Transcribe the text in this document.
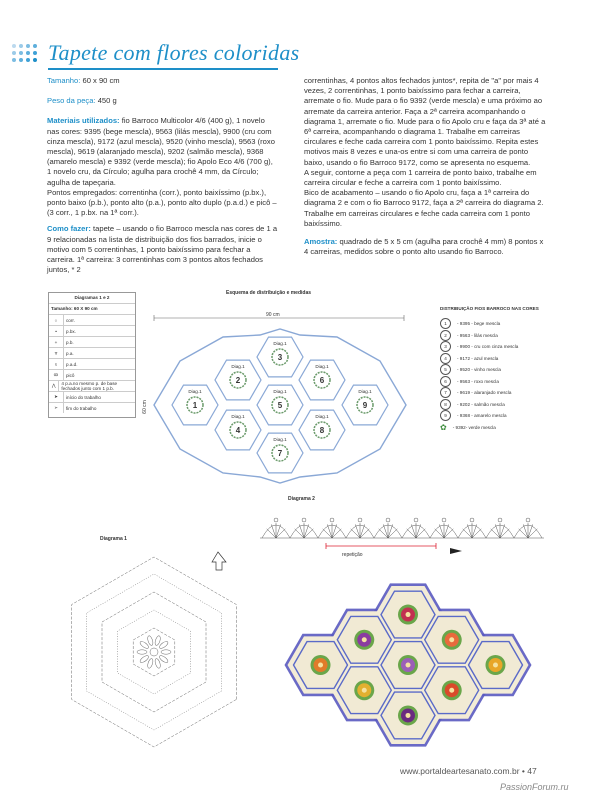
Tapete com flores coloridas

Tamanho: 60 x 90 cm

Peso da peça: 450 g

Materiais utilizados: fio Barroco Multicolor 4/6 (400 g), 1 novelo nas cores: 9395 (bege mescla), 9563 (lilás mescla), 9900 (cru com cinza mescla), 9172 (azul mescla), 9520 (vinho mescla), 9563 (roxo mescla), 9619 (alaranjado mescla), 9202 (salmão mescla), 9368 (amarelo mescla) e 9392 (verde mescla); fio Apolo Eco 4/6 (700 g), 1 novelo cru, da Círculo; agulha para crochê 4 mm, da Círculo; agulha de tapeçaria.

Pontos empregados: correntinha (corr.), ponto baixíssimo (p.bx.), ponto baixo (p.b.), ponto alto (p.a.), ponto alto duplo (p.a.d.) e picô – (3 corr., 1 p.bx. na 1ª corr.).

Como fazer: tapete – usando o fio Barroco mescla nas cores de 1 a 9 relacionadas na lista de distribuição dos fios barrados, inicie o motivo com 5 correntinhas, 1 ponto baixíssimo para fechar a carreira. 1ª carreira: 3 correntinhas com 3 pontos altos fechados juntos, * 2

correntinhas, 4 pontos altos fechados juntos*, repita de "a" por mais 4 vezes, 2 correntinhas, 1 ponto baixíssimo para fechar a carreira, arremate o fio. Mude para o fio 9392 (verde mescla) e uma próximo ao arremate da carreira anterior. Faça a 2ª carreira acompanhando o diagrama 1, arremate o fio. Mude para o fio Apolo cru e faça da 3ª até a 6ª carreira, acompanhando o diagrama 1. Trabalhe em carreiras circulares e feche cada carreira com 1 ponto baixíssimo. Repita estes motivos mais 8 vezes e una-os entre si com uma carreira de ponto baixo, usando o fio Barroco 9172, como se apresenta no esquema.

A seguir, contorne a peça com 1 carreira de ponto baixo, trabalhe em carreira circular e feche a carreira com 1 ponto baixíssimo.

Bico de acabamento – usando o fio Apolo cru, faça a 1ª carreira do diagrama 2 e com o fio Barroco 9172, faça a 2ª carreira do diagrama 2. Trabalhe em carreiras circulares e feche cada carreira com 1 ponto baixíssimo.

Amostra: quadrado de 5 x 5 cm (agulha para crochê 4 mm) 8 pontos x 4 carreiras, medidos sobre o ponto alto usando fio Barroco.

Diagramas 1 e 2
Tamanho: 60 X 90 cm
○	corr.
•	p.bx.
+	p.b.
Ŧ	p.a.
ŧ	p.a.d.
ꝏ	picô
⋀	4 p.a.no mesmo p. de base fechados junto com 1 p.b.
➤	início do trabalho
➢	fim do trabalho
Esquema de distribuição e medidas
90 cm
1
Diag.1
2
Diag.1
3
Diag.1
4
Diag.1
5
Diag.1
6
Diag.1
7
Diag.1
8
Diag.1
9
Diag.1
60 cm
DISTRIBUIÇÃO FIOS BARROCO NAS CORES
1	- 9395 - bege mescla
2	- 9563 - lilás mescla
3	- 9900 - cru com cinza mescla
4	- 9172 - azul mescla
5	- 9520 - vinho mescla
6	- 9563 - roxo mescla
7	- 9619 - alaranjado mescla
8	- 9202 - salmão mescla
9	- 9368 - amarelo mescla
✿ - 9392- verde mescla
Diagrama 2
repetição
Diagrama 1
www.portaldeartesanato.com.br • 47
PassionForum.ru
